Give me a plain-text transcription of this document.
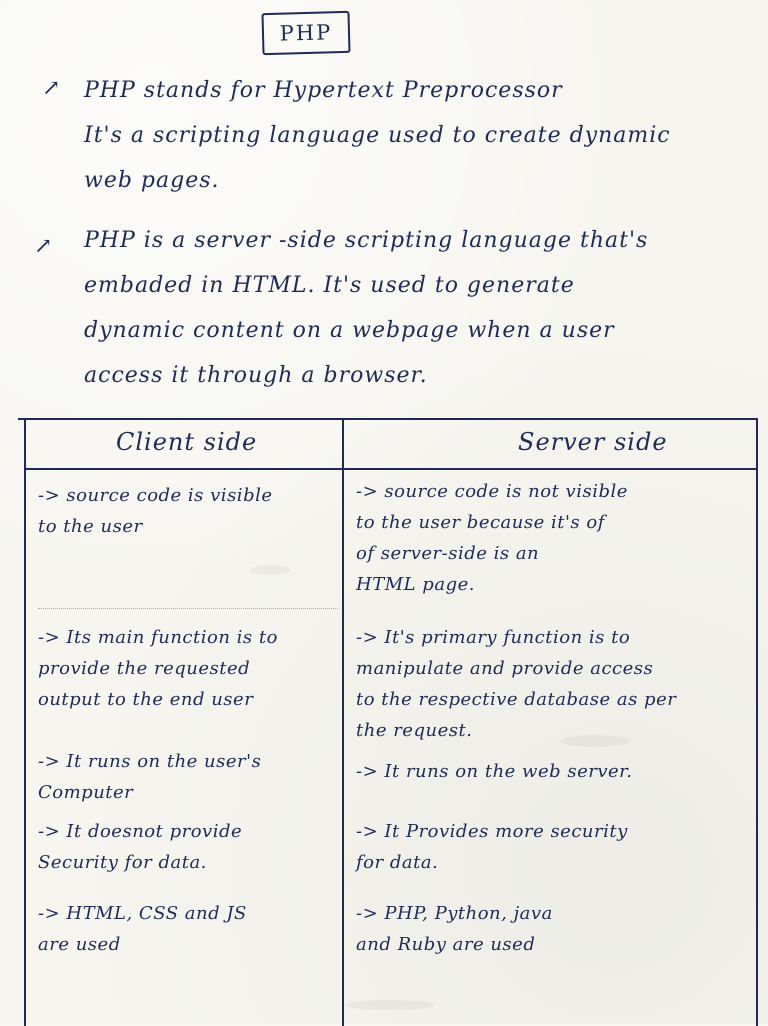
PHP
↗ PHP stands for Hypertext Preprocessor
It's a scripting language used to create dynamic
web pages.
↗ PHP is a server -side scripting language that's
embaded in HTML. It's used to generate
dynamic content on a webpage when a user
access it through a browser.
Client side	Server side
-> source code is visible
to the user
-> source code is not visible
to the user because it's of
of server-side is an
HTML page.
-> Its main function is to
provide the requested
output to the end user
-> It's primary function is to
manipulate and provide access
to the respective database as per
the request.
-> It runs on the user's
Computer
-> It runs on the web server.
-> It doesnot provide
Security for data.
-> It Provides more security
for data.
-> HTML, CSS and JS
are used
-> PHP, Python, java
and Ruby are used
